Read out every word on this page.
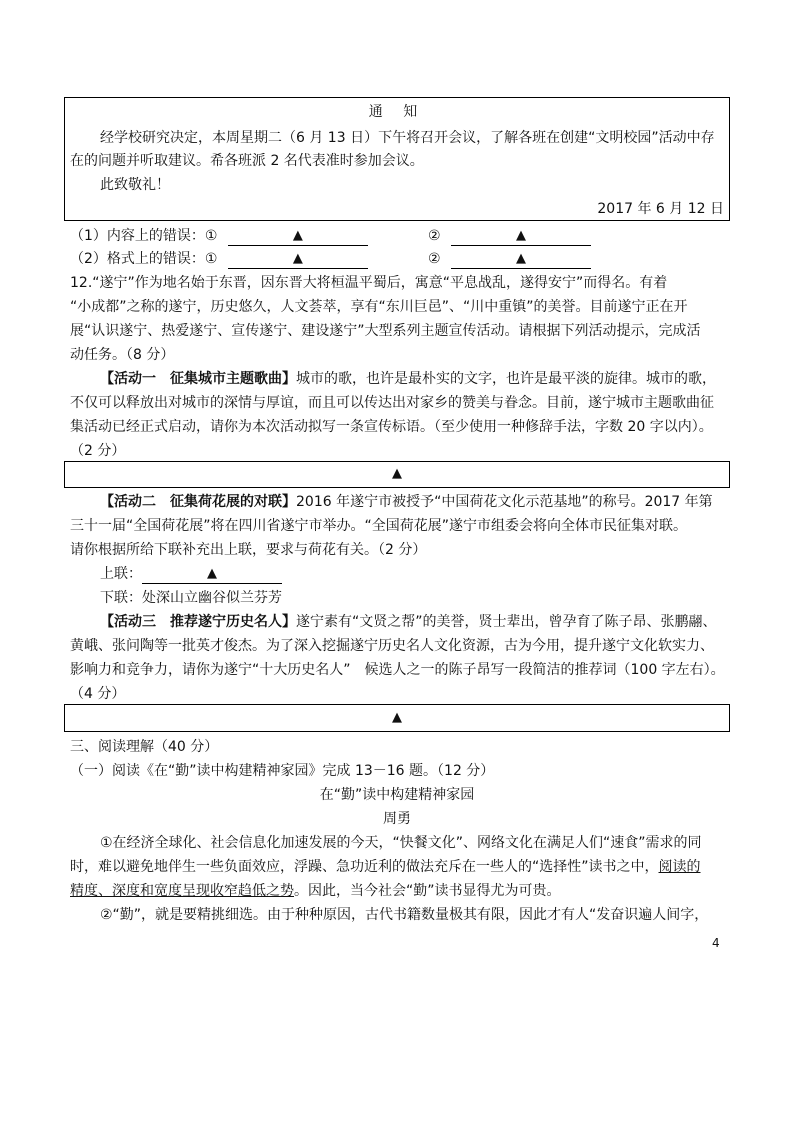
通 知
经学校研究决定，本周星期二（6 月 13 日）下午将召开会议，了解各班在创建“文明校园”活动中存
在的问题并听取建议。希各班派 2 名代表准时参加会议。
此致敬礼！
2017 年 6 月 12 日
（1）内容上的错误：①	▲	②	▲
（2）格式上的错误：①	▲	②	▲
12.“遂宁”作为地名始于东晋，因东晋大将桓温平蜀后，寓意“平息战乱，遂得安宁”而得名。有着
“小成都”之称的遂宁，历史悠久，人文荟萃，享有“东川巨邑”、“川中重镇”的美誉。目前遂宁正在开
展“认识遂宁、热爱遂宁、宣传遂宁、建设遂宁”大型系列主题宣传活动。请根据下列活动提示，完成活
动任务。（8 分）
【活动一　征集城市主题歌曲】城市的歌，也许是最朴实的文字，也许是最平淡的旋律。城市的歌，
不仅可以释放出对城市的深情与厚谊，而且可以传达出对家乡的赞美与眷念。目前，遂宁城市主题歌曲征
集活动已经正式启动，请你为本次活动拟写一条宣传标语。（至少使用一种修辞手法，字数 20 字以内）。
（2 分）
▲
【活动二　征集荷花展的对联】2016 年遂宁市被授予“中国荷花文化示范基地”的称号。2017 年第
三十一届“全国荷花展”将在四川省遂宁市举办。“全国荷花展”遂宁市组委会将向全体市民征集对联。
请你根据所给下联补充出上联，要求与荷花有关。（2 分）
上联：	▲
下联：处深山立幽谷似兰芬芳
【活动三　推荐遂宁历史名人】遂宁素有“文贤之帮”的美誉，贤士辈出，曾孕育了陈子昂、张鹏翮、
黄峨、张问陶等一批英才俊杰。为了深入挖掘遂宁历史名人文化资源，古为今用，提升遂宁文化软实力、
影响力和竞争力，请你为遂宁“十大历史名人”　候选人之一的陈子昂写一段简洁的推荐词（100 字左右）。
（4 分）
▲
三、阅读理解（40 分）
（一）阅读《在“勤”读中构建精神家园》完成 13－16 题。（12 分）
在“勤”读中构建精神家园
周勇
①在经济全球化、社会信息化加速发展的今天，“快餐文化”、网络文化在满足人们“速食”需求的同
时，难以避免地伴生一些负面效应，浮躁、急功近利的做法充斥在一些人的“选择性”读书之中，阅读的
精度、深度和宽度呈现收窄趋低之势。因此，当今社会“勤”读书显得尤为可贵。
②“勤”，就是要精挑细选。由于种种原因，古代书籍数量极其有限，因此才有人“发奋识遍人间字，
4
